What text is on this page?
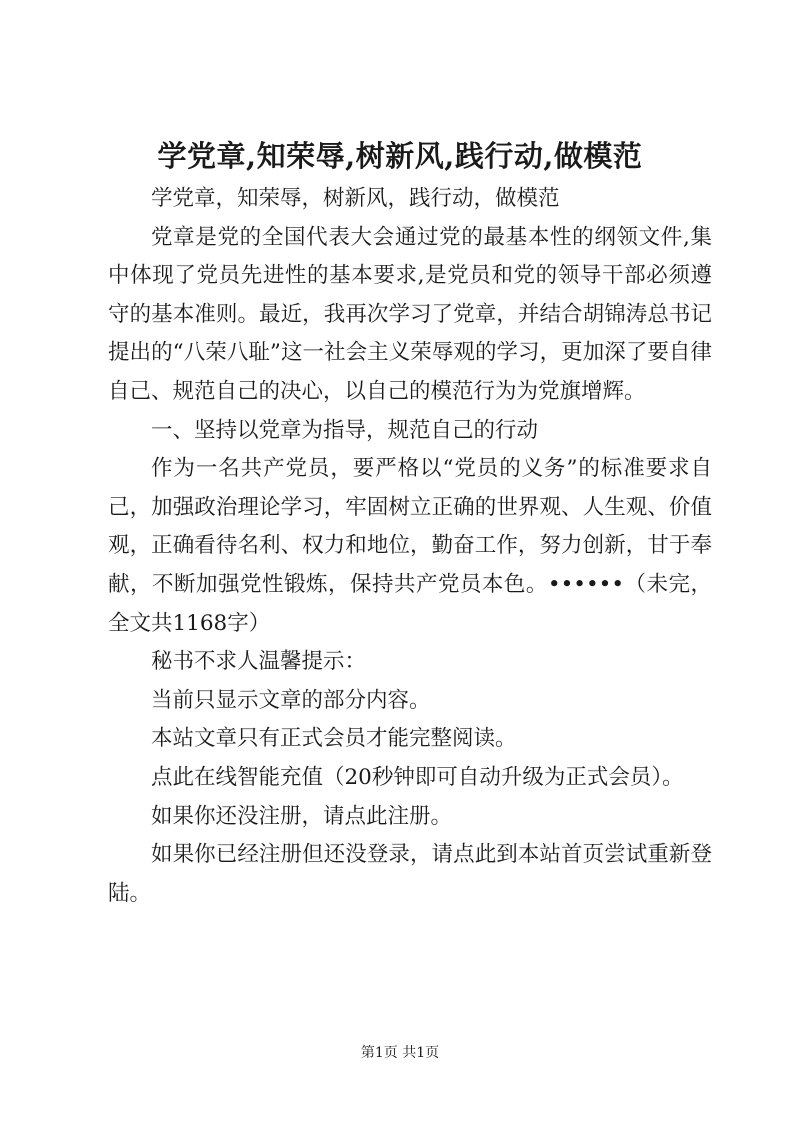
学党章,知荣辱,树新风,践行动,做模范

学党章，知荣辱，树新风，践行动，做模范

党章是党的全国代表大会通过党的最基本性的纲领文件,集中体现了党员先进性的基本要求,是党员和党的领导干部必须遵守的基本准则。最近，我再次学习了党章，并结合胡锦涛总书记提出的“八荣八耻”这一社会主义荣辱观的学习，更加深了要自律自己、规范自己的决心，以自己的模范行为为党旗增辉。

一、坚持以党章为指导，规范自己的行动

作为一名共产党员，要严格以“党员的义务”的标准要求自己，加强政治理论学习，牢固树立正确的世界观、人生观、价值观，正确看待名利、权力和地位，勤奋工作，努力创新，甘于奉献，不断加强党性锻炼，保持共产党员本色。••••••（未完，全文共1168字）

秘书不求人温馨提示：

当前只显示文章的部分内容。

本站文章只有正式会员才能完整阅读。

点此在线智能充值（20秒钟即可自动升级为正式会员）。

如果你还没注册，请点此注册。

如果你已经注册但还没登录，请点此到本站首页尝试重新登陆。

第1页 共1页
